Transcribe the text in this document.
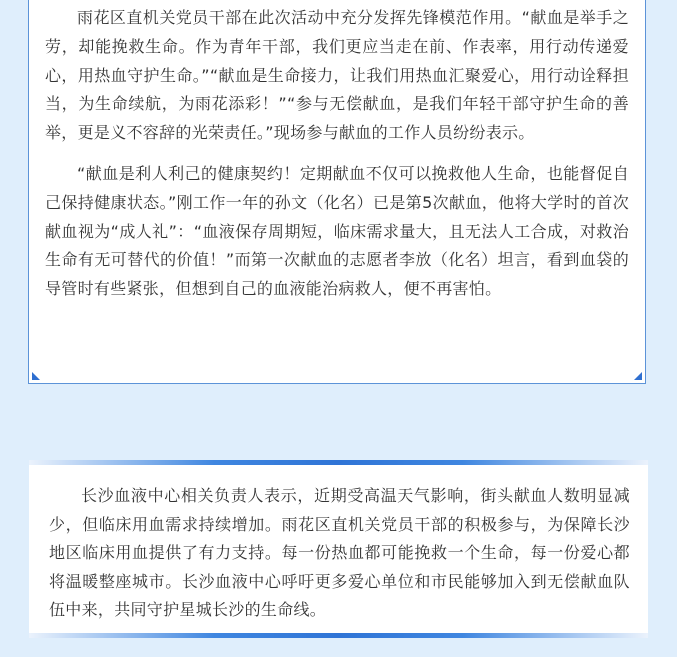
雨花区直机关党员干部在此次活动中充分发挥先锋模范作用。“献血是举手之劳，却能挽救生命。作为青年干部，我们更应当走在前、作表率，用行动传递爱心，用热血守护生命。”“献血是生命接力，让我们用热血汇聚爱心，用行动诠释担当，为生命续航，为雨花添彩！”“参与无偿献血，是我们年轻干部守护生命的善举，更是义不容辞的光荣责任。”现场参与献血的工作人员纷纷表示。

“献血是利人利己的健康契约！定期献血不仅可以挽救他人生命，也能督促自己保持健康状态。”刚工作一年的孙文（化名）已是第5次献血，他将大学时的首次献血视为“成人礼”：“血液保存周期短，临床需求量大，且无法人工合成，对救治生命有无可替代的价值！”而第一次献血的志愿者李放（化名）坦言，看到血袋的导管时有些紧张，但想到自己的血液能治病救人，便不再害怕。

长沙血液中心相关负责人表示，近期受高温天气影响，街头献血人数明显减少，但临床用血需求持续增加。雨花区直机关党员干部的积极参与，为保障长沙地区临床用血提供了有力支持。每一份热血都可能挽救一个生命，每一份爱心都将温暖整座城市。长沙血液中心呼吁更多爱心单位和市民能够加入到无偿献血队伍中来，共同守护星城长沙的生命线。
